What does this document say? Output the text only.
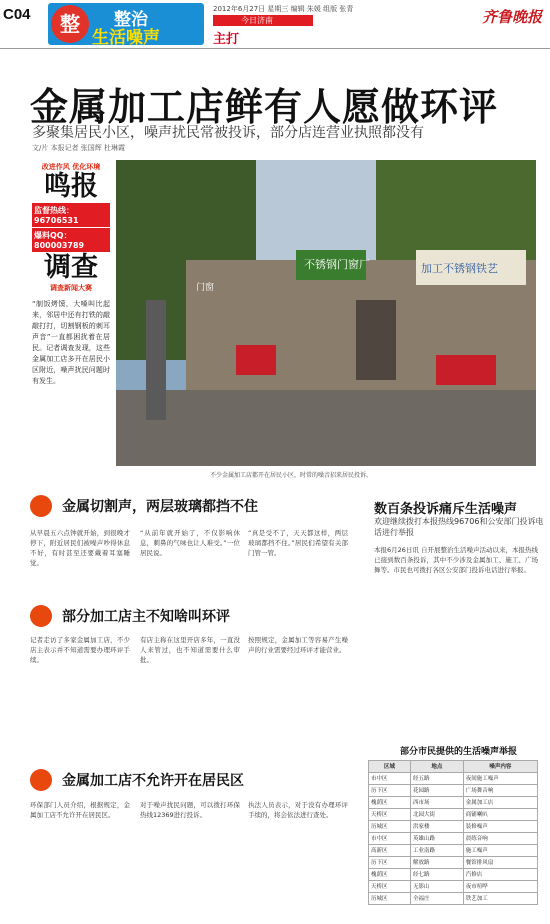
C04	整	整治
生活噪声
2012年6月27日 星期三 编辑 朱媛 组版 张青
今日济南
主打
齐鲁晚报
金属加工店鲜有人愿做环评
多聚集居民小区，噪声扰民常被投诉，部分店连营业执照都没有
文/片 本报记者 张国辉 杜琳霞
改进作风 优化环境
鸣报
监督热线：96706531
爆料QQ：800003789
调查
调查新闻大赛
“制饭烤馍，大嗓叫比起来，邻居中还有打铁的敲敲打打，切割钢板的刺耳声音”一直都困扰着在居民。记者调查发现，这些金属加工店多开在居民小区附近，噪声扰民问题时有发生。
不锈钢门窗厂	加工不锈钢铁艺
门窗
不少金属加工店都开在居民小区，时常的噪音招来居民投诉。
金属切割声，两层玻璃都挡不住
从早晨五六点钟就开始，到很晚才停下，附近居民们被噪声吵得休息不好，有时甚至还要戴着耳塞睡觉。
“从前年就开始了，不仅影响休息，刺鼻的气味也让人难受。”一位居民说。
“真是受不了，天天都这样，两层玻璃都挡不住。”居民们希望有关部门管一管。
部分加工店主不知啥叫环评
记者走访了多家金属加工店，不少店主表示并不知道需要办理环评手续。
有店主称在这里开店多年，一直没人来管过，也不知道需要什么审批。
按照规定，金属加工等容易产生噪声的行业需要经过环评才能营业。
金属加工店不允许开在居民区
环保部门人员介绍，根据规定，金属加工店不允许开在居民区。
对于噪声扰民问题，可以拨打环保热线12369进行投诉。
执法人员表示，对于没有办理环评手续的，将会依法进行查处。
数百条投诉痛斥生活噪声
欢迎继续拨打本报热线96706和公安部门投诉电话进行举报
本报6月26日讯 自开展整治生活噪声活动以来，本报热线已接到数百条投诉，其中不少涉及金属加工、施工、广场舞等。市民也可拨打各区公安部门投诉电话进行举报。
部分市民提供的生活噪声举报
区域	地点	噪声内容
市中区	经五路	夜间施工噪声
历下区	花园路	广场舞音响
槐荫区	西市场	金属加工店
天桥区	北园大街	商铺喇叭
历城区	洪家楼	装修噪声
市中区	英雄山路	晨练音响
高新区	工业南路	施工噪声
历下区	解放路	餐馆排风扇
槐荫区	经七路	汽修店
天桥区	无影山	夜市喧哗
历城区	全福庄	铁艺加工
